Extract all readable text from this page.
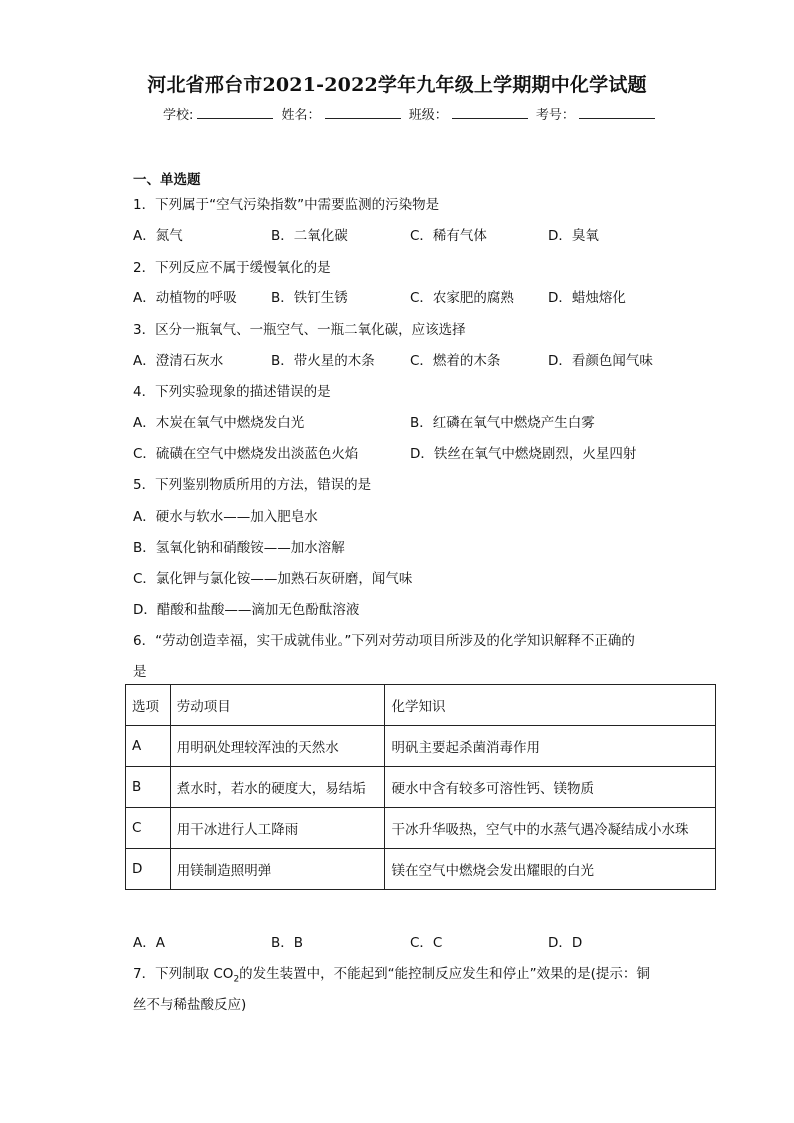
河北省邢台市2021-2022学年九年级上学期期中化学试题
学校:	姓名：	班级：	考号：
一、单选题
1．下列属于“空气污染指数”中需要监测的污染物是
A．氮气	B．二氧化碳	C．稀有气体	D．臭氧
2．下列反应不属于缓慢氧化的是
A．动植物的呼吸	B．铁钉生锈	C．农家肥的腐熟	D．蜡烛熔化
3．区分一瓶氧气、一瓶空气、一瓶二氧化碳，应该选择
A．澄清石灰水	B．带火星的木条	C．燃着的木条	D．看颜色闻气味
4．下列实验现象的描述错误的是
A．木炭在氧气中燃烧发白光	B．红磷在氧气中燃烧产生白雾
C．硫磺在空气中燃烧发出淡蓝色火焰	D．铁丝在氧气中燃烧剧烈，火星四射
5．下列鉴别物质所用的方法，错误的是
A．硬水与软水——加入肥皂水
B．氢氧化钠和硝酸铵——加水溶解
C．氯化钾与氯化铵——加熟石灰研磨，闻气味
D．醋酸和盐酸——滴加无色酚酞溶液
6．“劳动创造幸福，实干成就伟业。”下列对劳动项目所涉及的化学知识解释不正确的
是
选项	劳动项目	化学知识
A	用明矾处理较浑浊的天然水	明矾主要起杀菌消毒作用
B	煮水时，若水的硬度大，易结垢	硬水中含有较多可溶性钙、镁物质
C	用干冰进行人工降雨	干冰升华吸热，空气中的水蒸气遇冷凝结成小水珠
D	用镁制造照明弹	镁在空气中燃烧会发出耀眼的白光
A．A	B．B	C．C	D．D
7．下列制取 $CO_2$的发生装置中，不能起到“能控制反应发生和停止”效果的是(提示：铜
丝不与稀盐酸反应)
